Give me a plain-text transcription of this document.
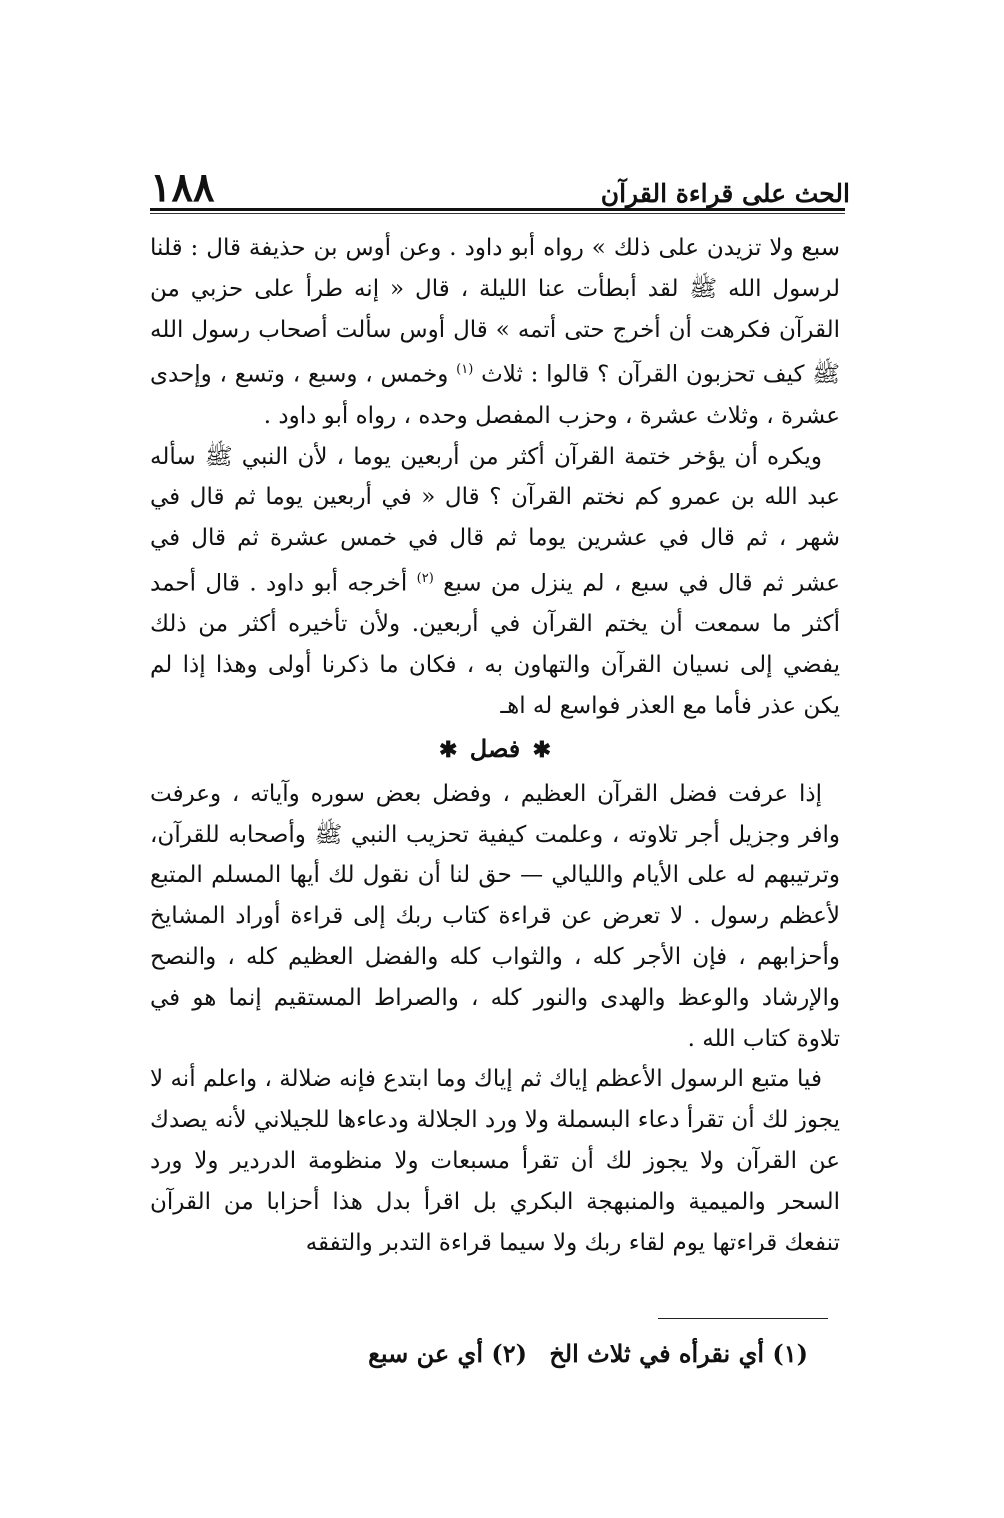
١٨٨	الحث على قراءة القرآن

سبع ولا تزيدن على ذلك » رواه أبو داود . وعن أوس بن حذيفة قال : قلنا لرسول الله ﷺ لقد أبطأت عنا الليلة ، قال « إنه طرأ على حزبي من القرآن فكرهت أن أخرج حتى أتمه » قال أوس سألت أصحاب رسول الله ﷺ كيف تحزبون القرآن ؟ قالوا : ثلاث $^{(١)}$ وخمس ، وسبع ، وتسع ، وإحدى عشرة ، وثلاث عشرة ، وحزب المفصل وحده ، رواه أبو داود .

ويكره أن يؤخر ختمة القرآن أكثر من أربعين يوما ، لأن النبي ﷺ سأله عبد الله بن عمرو كم نختم القرآن ؟ قال « في أربعين يوما ثم قال في شهر ، ثم قال في عشرين يوما ثم قال في خمس عشرة ثم قال في عشر ثم قال في سبع ، لم ينزل من سبع $^{(٢)}$ أخرجه أبو داود . قال أحمد أكثر ما سمعت أن يختم القرآن في أربعين. ولأن تأخيره أكثر من ذلك يفضي إلى نسيان القرآن والتهاون به ، فكان ما ذكرنا أولى وهذا إذا لم يكن عذر فأما مع العذر فواسع له اهـ

✱ فصل ✱

إذا عرفت فضل القرآن العظيم ، وفضل بعض سوره وآياته ، وعرفت وافر وجزيل أجر تلاوته ، وعلمت كيفية تحزيب النبي ﷺ وأصحابه للقرآن، وترتيبهم له على الأيام والليالي — حق لنا أن نقول لك أيها المسلم المتبع لأعظم رسول . لا تعرض عن قراءة كتاب ربك إلى قراءة أوراد المشايخ وأحزابهم ، فإن الأجر كله ، والثواب كله والفضل العظيم كله ، والنصح والإرشاد والوعظ والهدى والنور كله ، والصراط المستقيم إنما هو في تلاوة كتاب الله .

فيا متبع الرسول الأعظم إياك ثم إياك وما ابتدع فإنه ضلالة ، واعلم أنه لا يجوز لك أن تقرأ دعاء البسملة ولا ورد الجلالة ودعاءها للجيلاني لأنه يصدك عن القرآن ولا يجوز لك أن تقرأ مسبعات ولا منظومة الدردير ولا ورد السحر والميمية والمنبهجة البكري بل اقرأ بدل هذا أحزابا من القرآن تنفعك قراءتها يوم لقاء ربك ولا سيما قراءة التدبر والتفقه

(١) أي نقرأه في ثلاث الخ (٢) أي عن سبع
